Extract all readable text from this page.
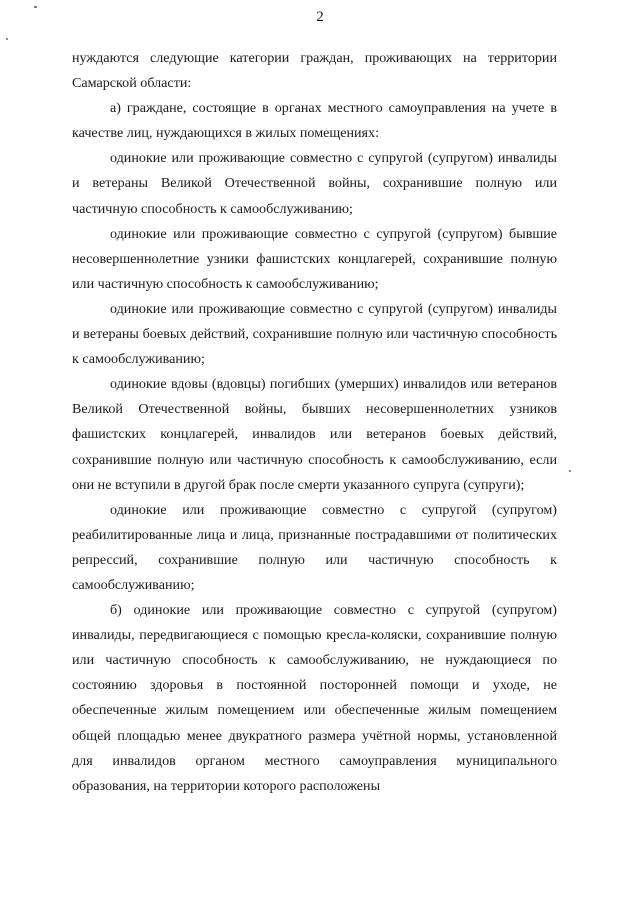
2

нуждаются следующие категории граждан, проживающих на территории Самарской области:

а) граждане, состоящие в органах местного самоуправления на учете в качестве лиц, нуждающихся в жилых помещениях:

одинокие или проживающие совместно с супругой (супругом) инвалиды и ветераны Великой Отечественной войны, сохранившие полную или частичную способность к самообслуживанию;

одинокие или проживающие совместно с супругой (супругом) бывшие несовершеннолетние узники фашистских концлагерей, сохранившие полную или частичную способность к самообслуживанию;

одинокие или проживающие совместно с супругой (супругом) инвалиды и ветераны боевых действий, сохранившие полную или частичную способность к самообслуживанию;

одинокие вдовы (вдовцы) погибших (умерших) инвалидов или ветеранов Великой Отечественной войны, бывших несовершеннолетних узников фашистских концлагерей, инвалидов или ветеранов боевых действий, сохранившие полную или частичную способность к самообслуживанию, если они не вступили в другой брак после смерти указанного супруга (супруги);

одинокие или проживающие совместно с супругой (супругом) реабилитированные лица и лица, признанные пострадавшими от политических репрессий, сохранившие полную или частичную способность к самообслуживанию;

б) одинокие или проживающие совместно с супругой (супругом) инвалиды, передвигающиеся с помощью кресла-коляски, сохранившие полную или частичную способность к самообслуживанию, не нуждающиеся по состоянию здоровья в постоянной посторонней помощи и уходе, не обеспеченные жилым помещением или обеспеченные жилым помещением общей площадью менее двукратного размера учётной нормы, установленной для инвалидов органом местного самоуправления муниципального образования, на территории которого расположены
